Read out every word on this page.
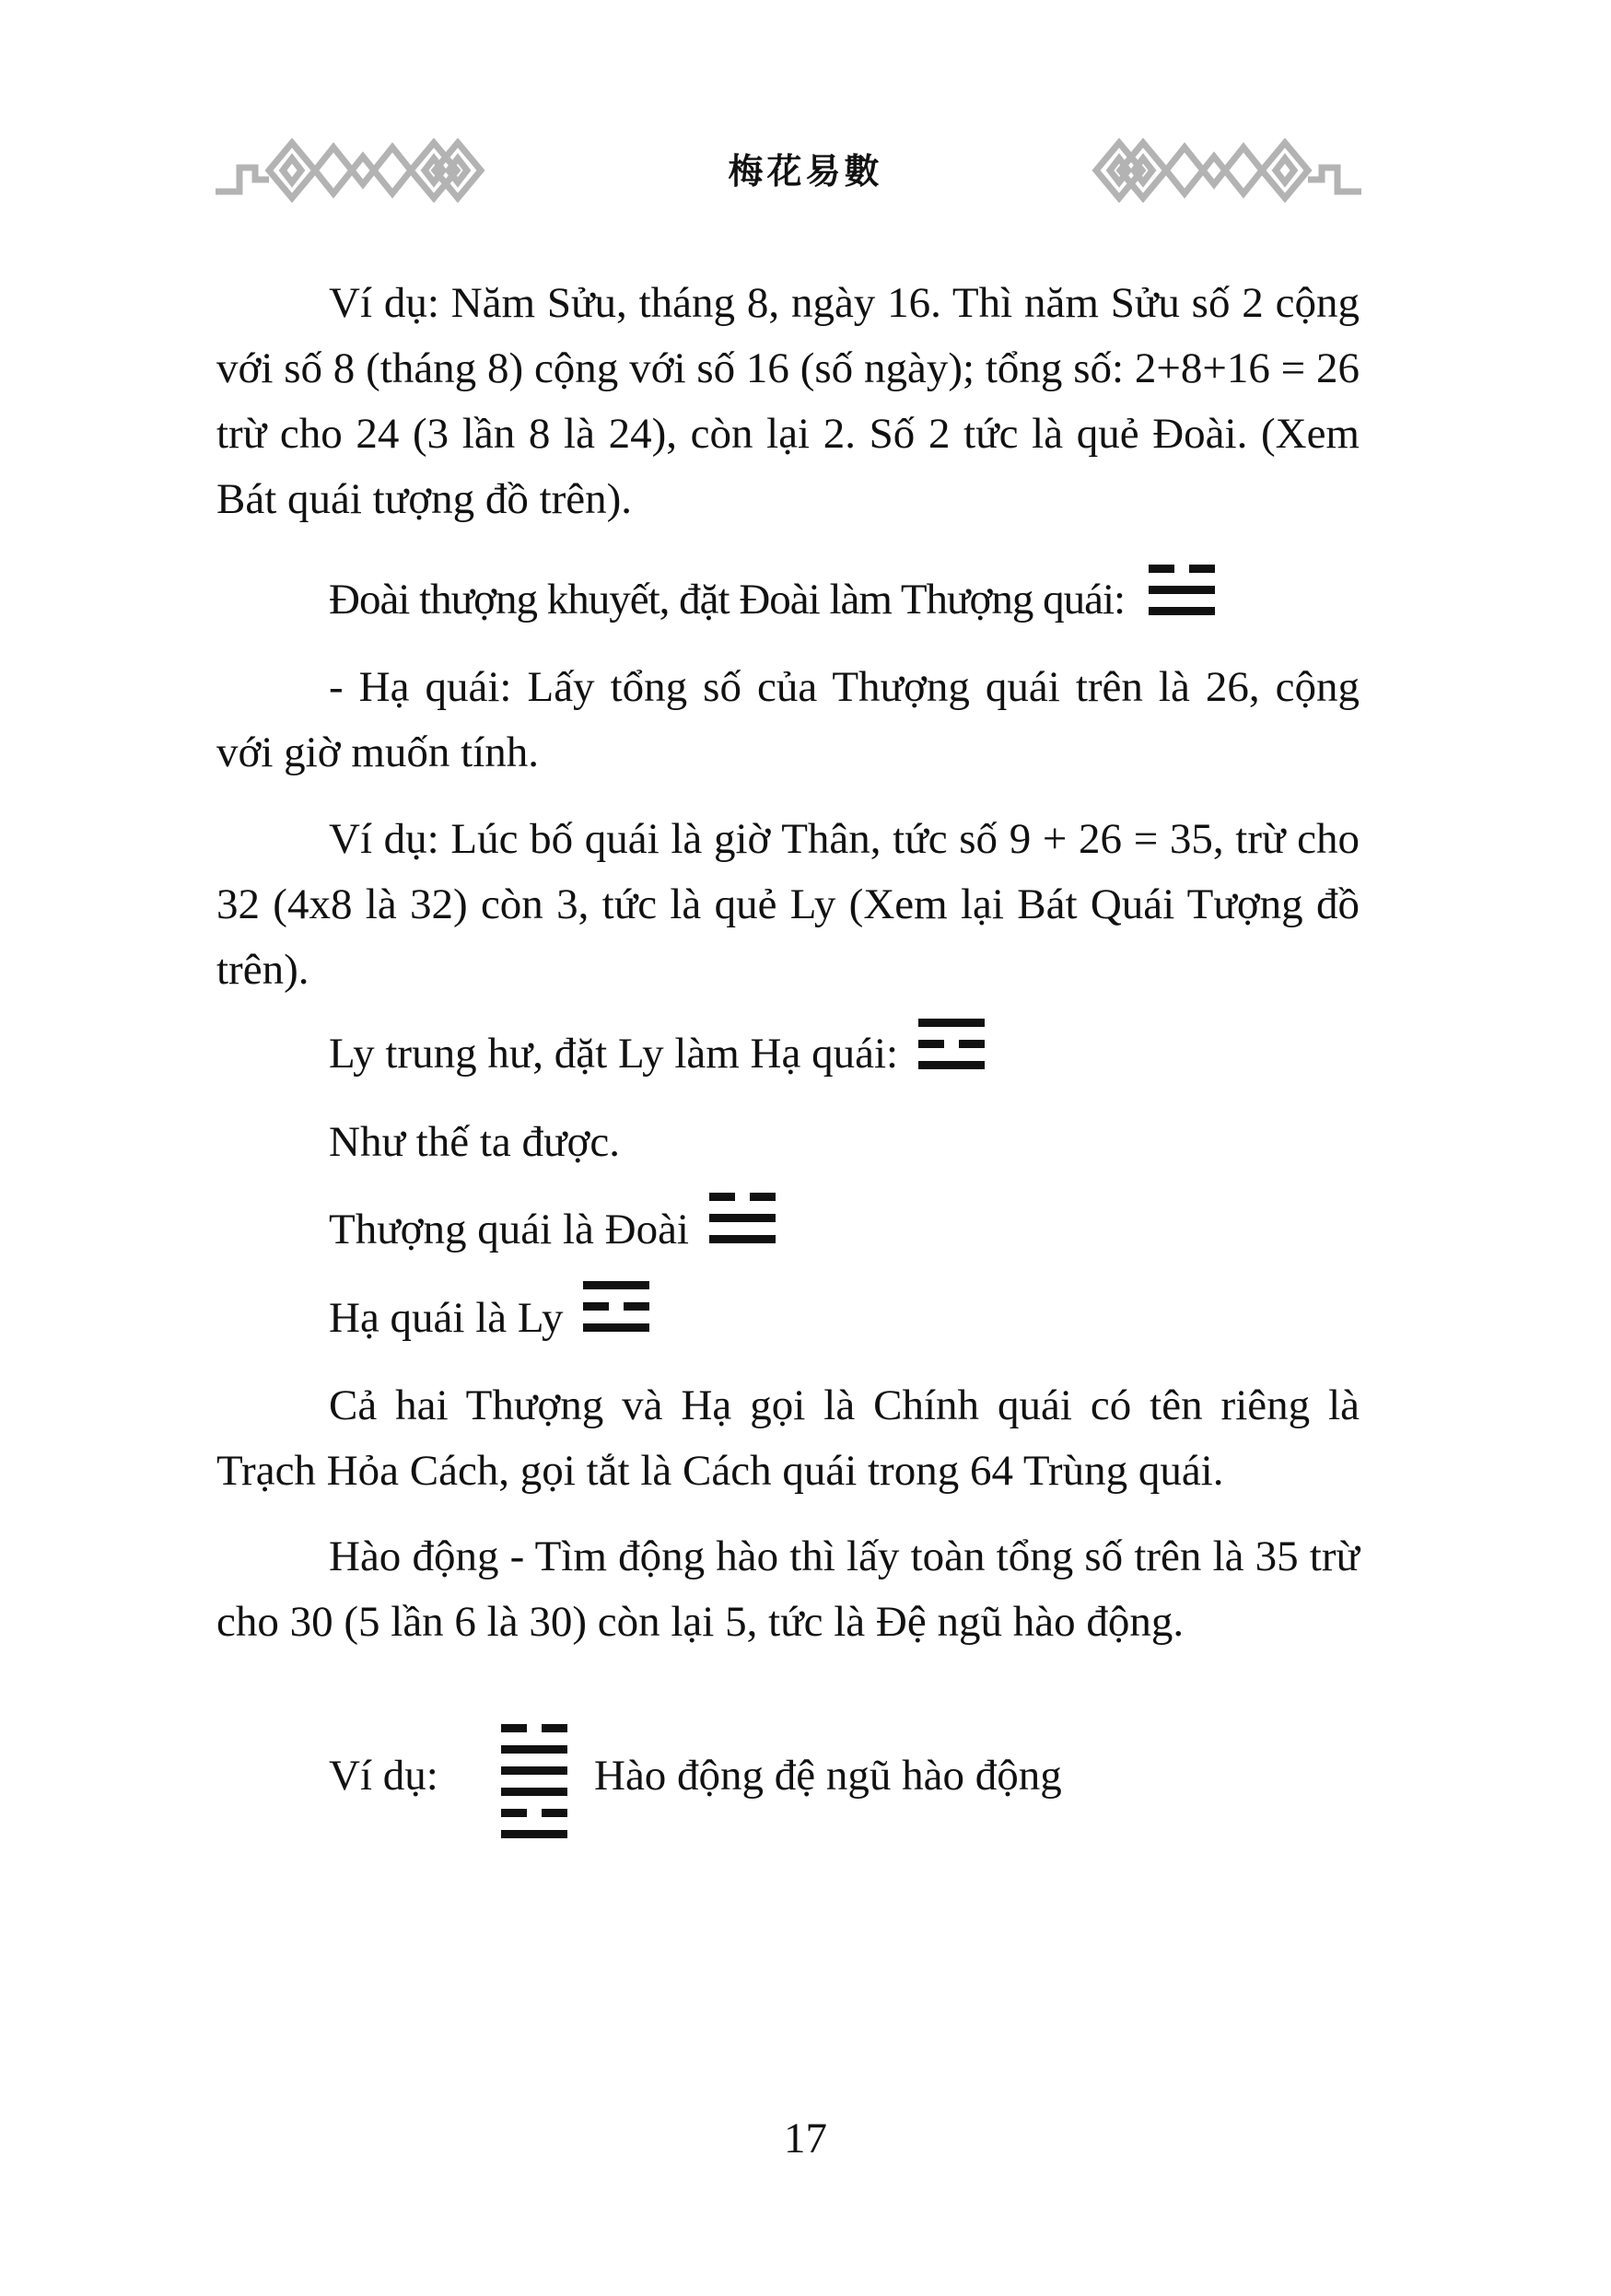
梅花易數

Ví dụ: Năm Sửu, tháng 8, ngày 16. Thì năm Sửu số 2 cộng với số 8 (tháng 8) cộng với số 16 (số ngày); tổng số: 2+8+16 = 26 trừ cho 24 (3 lần 8 là 24), còn lại 2. Số 2 tức là quẻ Đoài. (Xem Bát quái tượng đồ trên).

Đoài thượng khuyết, đặt Đoài làm Thượng quái:

- Hạ quái: Lấy tổng số của Thượng quái trên là 26, cộng với giờ muốn tính.

Ví dụ: Lúc bố quái là giờ Thân, tức số 9 + 26 = 35, trừ cho 32 (4x8 là 32) còn 3, tức là quẻ Ly (Xem lại Bát Quái Tượng đồ trên).

Ly trung hư, đặt Ly làm Hạ quái:
Như thế ta được.
Thượng quái là Đoài
Hạ quái là Ly

Cả hai Thượng và Hạ gọi là Chính quái có tên riêng là Trạch Hỏa Cách, gọi tắt là Cách quái trong 64 Trùng quái.

Hào động - Tìm động hào thì lấy toàn tổng số trên là 35 trừ cho 30 (5 lần 6 là 30) còn lại 5, tức là Đệ ngũ hào động.

Ví dụ:	Hào động đệ ngũ hào động
17
